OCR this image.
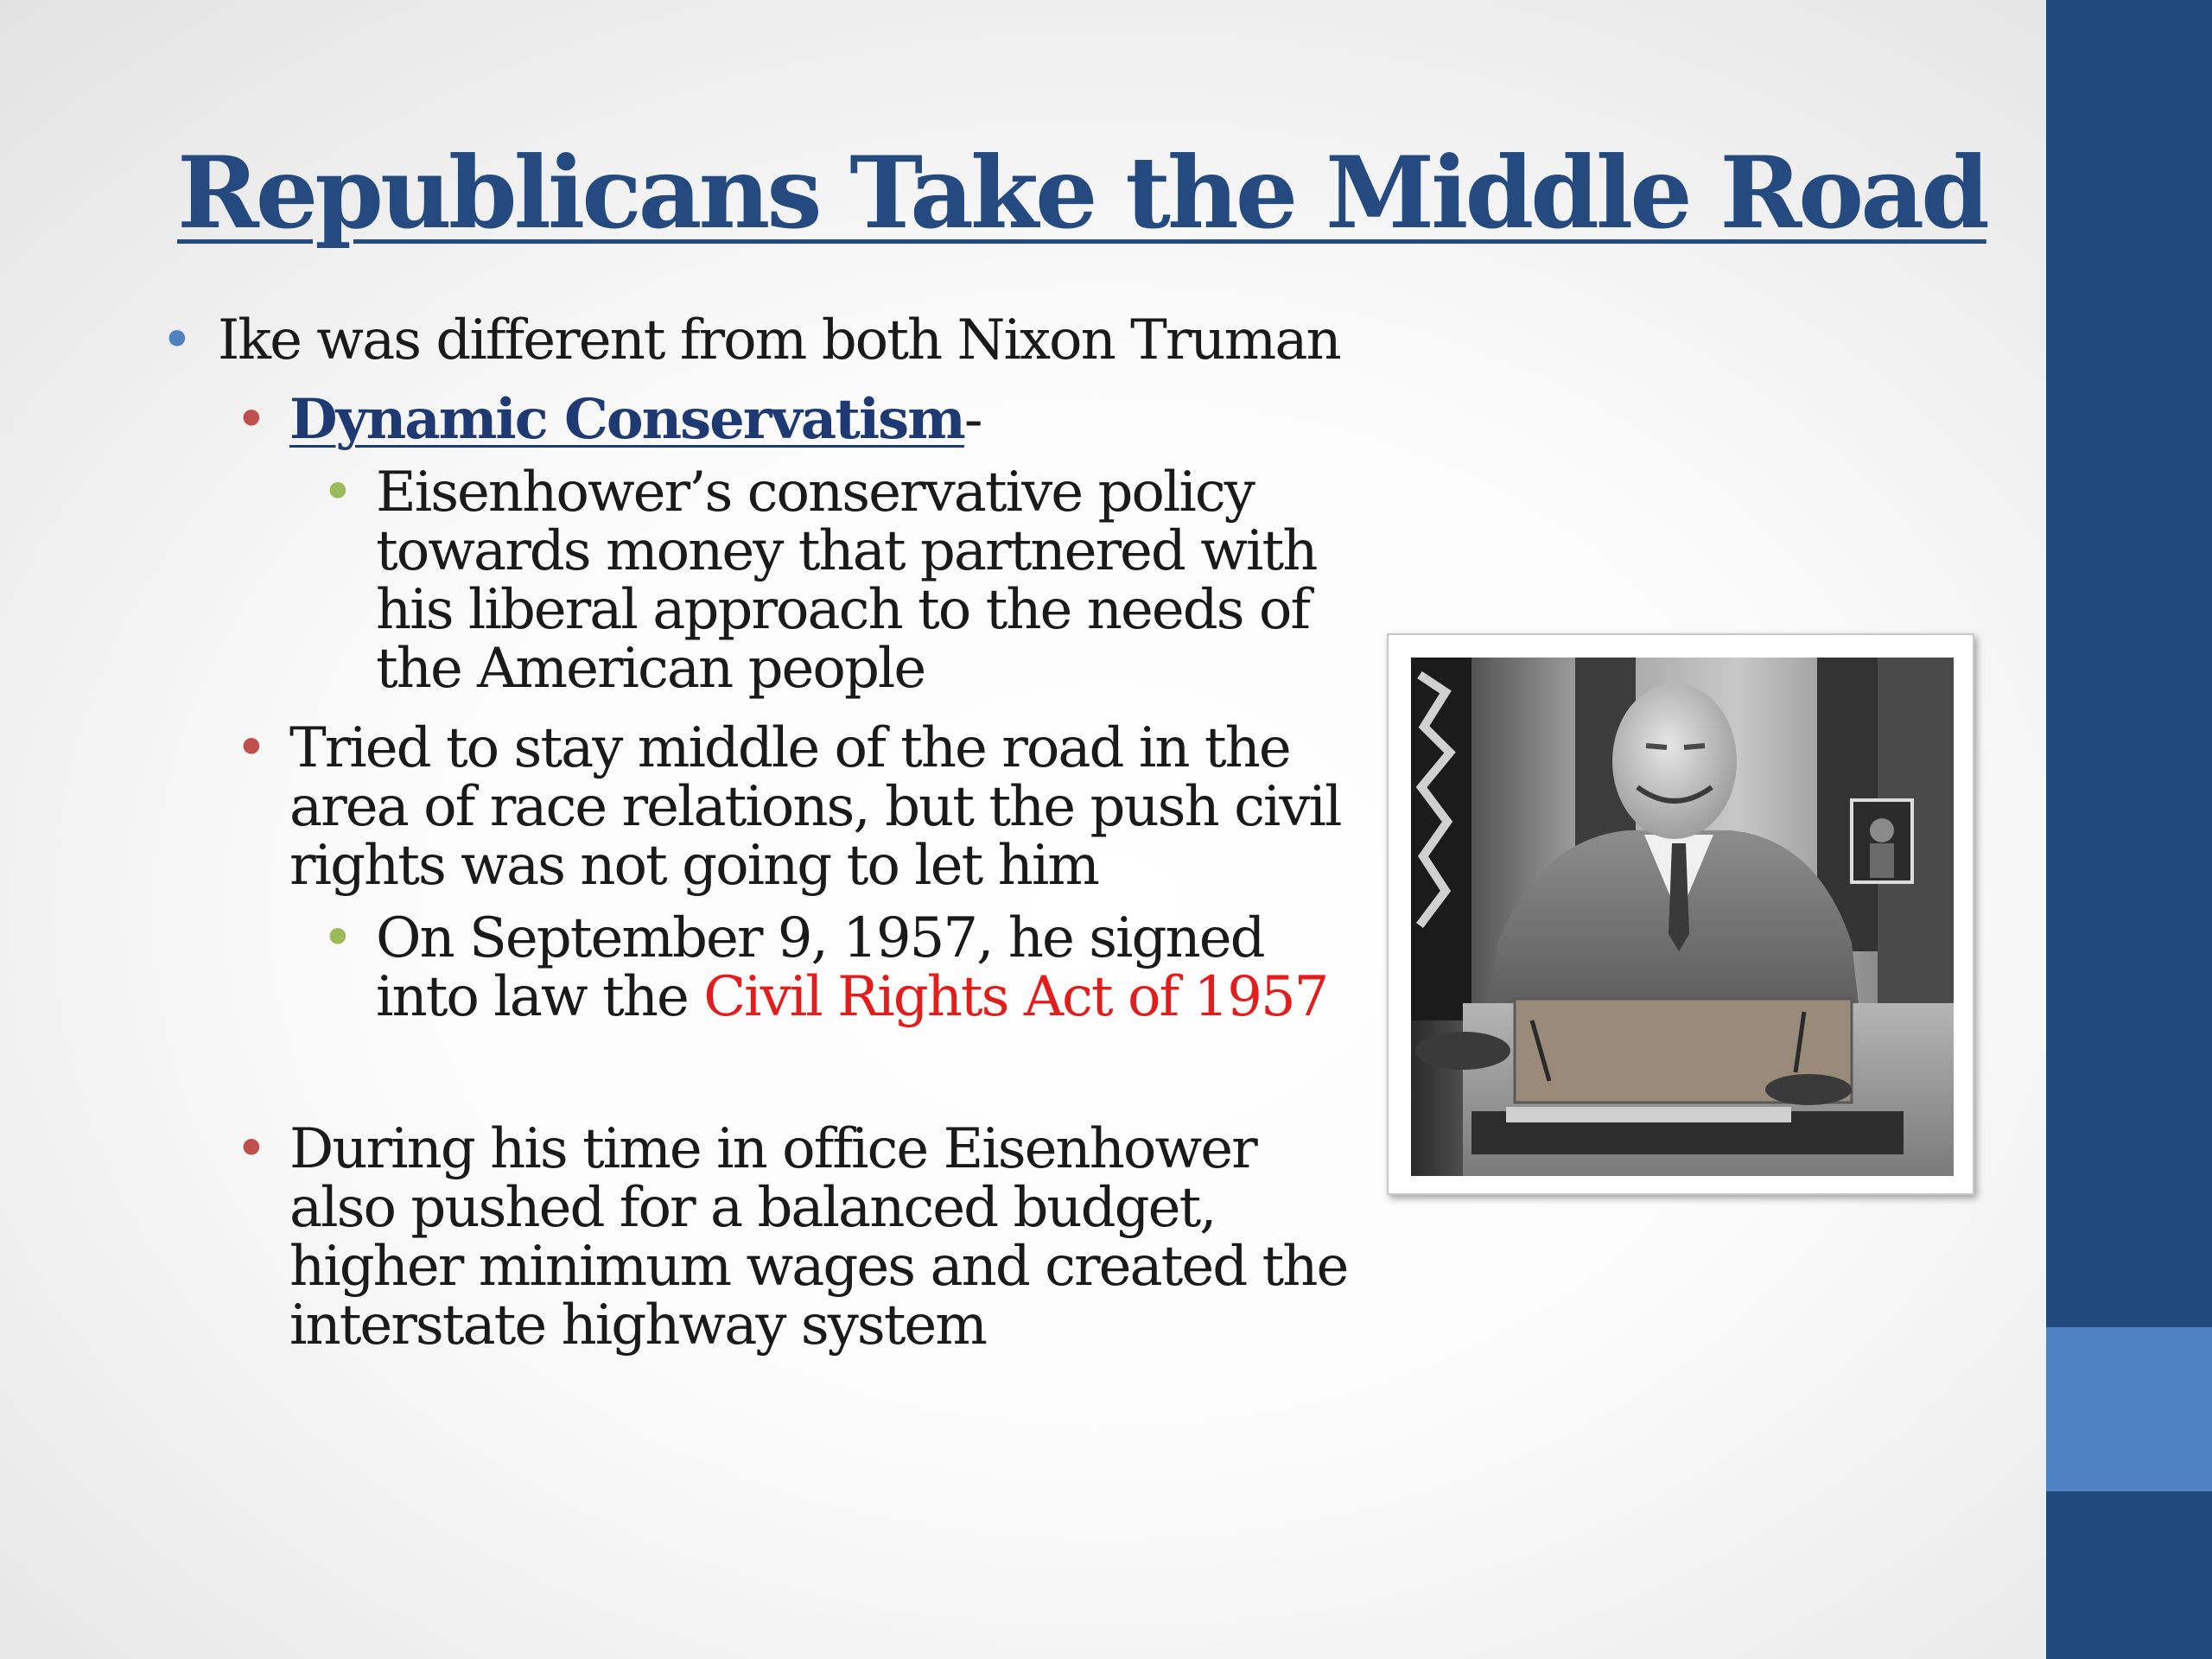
Republicans Take the Middle Road
• Ike was different from both Nixon Truman
• Dynamic Conservatism-
• Eisenhower’s conservative policy towards money that partnered with his liberal approach to the needs of the American people
• Tried to stay middle of the road in the area of race relations, but the push civil rights was not going to let him
• On September 9, 1957, he signed into law the Civil Rights Act of 1957
• During his time in office Eisenhower also pushed for a balanced budget, higher minimum wages and created the interstate highway system
